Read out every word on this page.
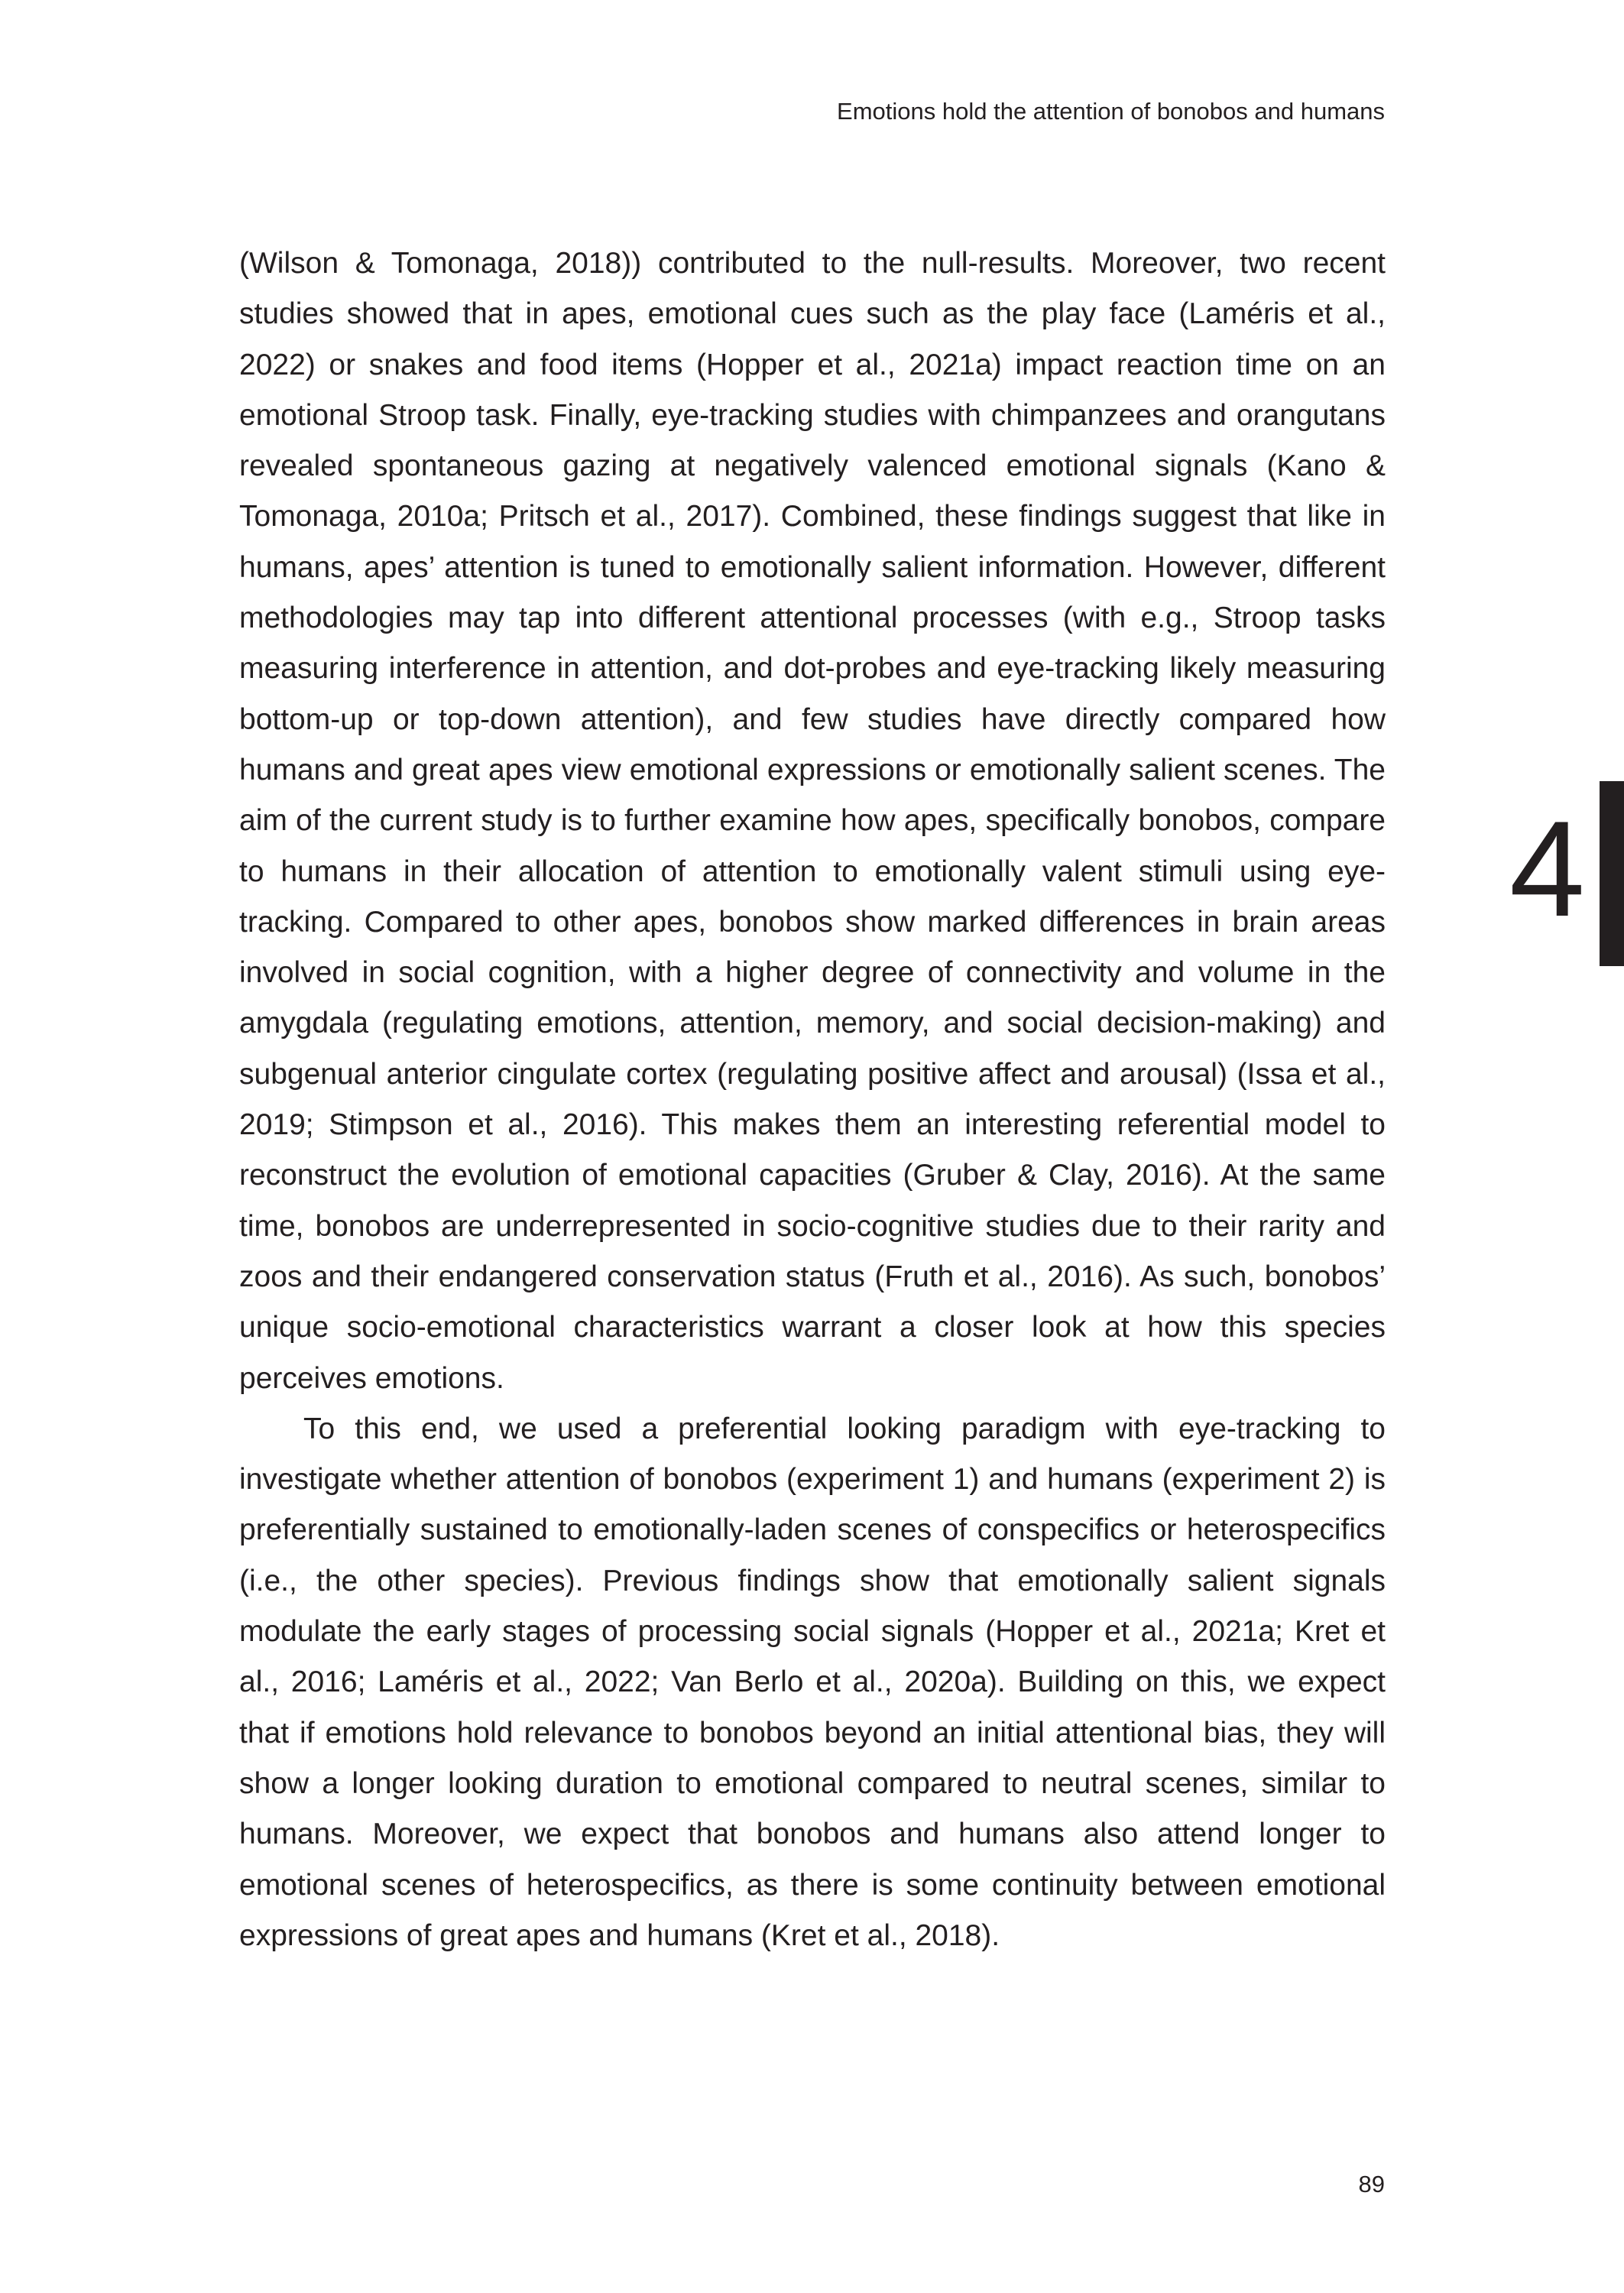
Emotions hold the attention of bonobos and humans

(Wilson & Tomonaga, 2018)) contributed to the null-results. Moreover, two recent studies showed that in apes, emotional cues such as the play face (Laméris et al., 2022) or snakes and food items (Hopper et al., 2021a) impact reaction time on an emotional Stroop task. Finally, eye-tracking studies with chimpanzees and orangutans revealed spontaneous gazing at negatively valenced emotional signals (Kano & Tomonaga, 2010a; Pritsch et al., 2017). Combined, these findings suggest that like in humans, apes’ attention is tuned to emotionally salient information. However, different methodologies may tap into different attentional processes (with e.g., Stroop tasks measuring interference in attention, and dot-probes and eye-tracking likely measuring bottom-up or top-down attention), and few studies have directly compared how humans and great apes view emotional expressions or emotionally salient scenes. The aim of the current study is to further examine how apes, specifically bonobos, compare to humans in their allocation of attention to emotionally valent stimuli using eye-tracking. Compared to other apes, bonobos show marked differences in brain areas involved in social cognition, with a higher degree of connectivity and volume in the amygdala (regulating emotions, attention, memory, and social decision-making) and subgenual anterior cingulate cortex (regulating positive affect and arousal) (Issa et al., 2019; Stimpson et al., 2016). This makes them an interesting referential model to reconstruct the evolution of emotional capacities (Gruber & Clay, 2016). At the same time, bonobos are underrepresented in socio-cognitive studies due to their rarity and zoos and their endangered conservation status (Fruth et al., 2016). As such, bonobos’ unique socio-emotional characteristics warrant a closer look at how this species perceives emotions.

To this end, we used a preferential looking paradigm with eye-tracking to investigate whether attention of bonobos (experiment 1) and humans (experiment 2) is preferentially sustained to emotionally-laden scenes of conspecifics or heterospecifics (i.e., the other species). Previous findings show that emotionally salient signals modulate the early stages of processing social signals (Hopper et al., 2021a; Kret et al., 2016; Laméris et al., 2022; Van Berlo et al., 2020a). Building on this, we expect that if emotions hold relevance to bonobos beyond an initial attentional bias, they will show a longer looking duration to emotional compared to neutral scenes, similar to humans. Moreover, we expect that bonobos and humans also attend longer to emotional scenes of heterospecifics, as there is some continuity between emotional expressions of great apes and humans (Kret et al., 2018).

4
89
